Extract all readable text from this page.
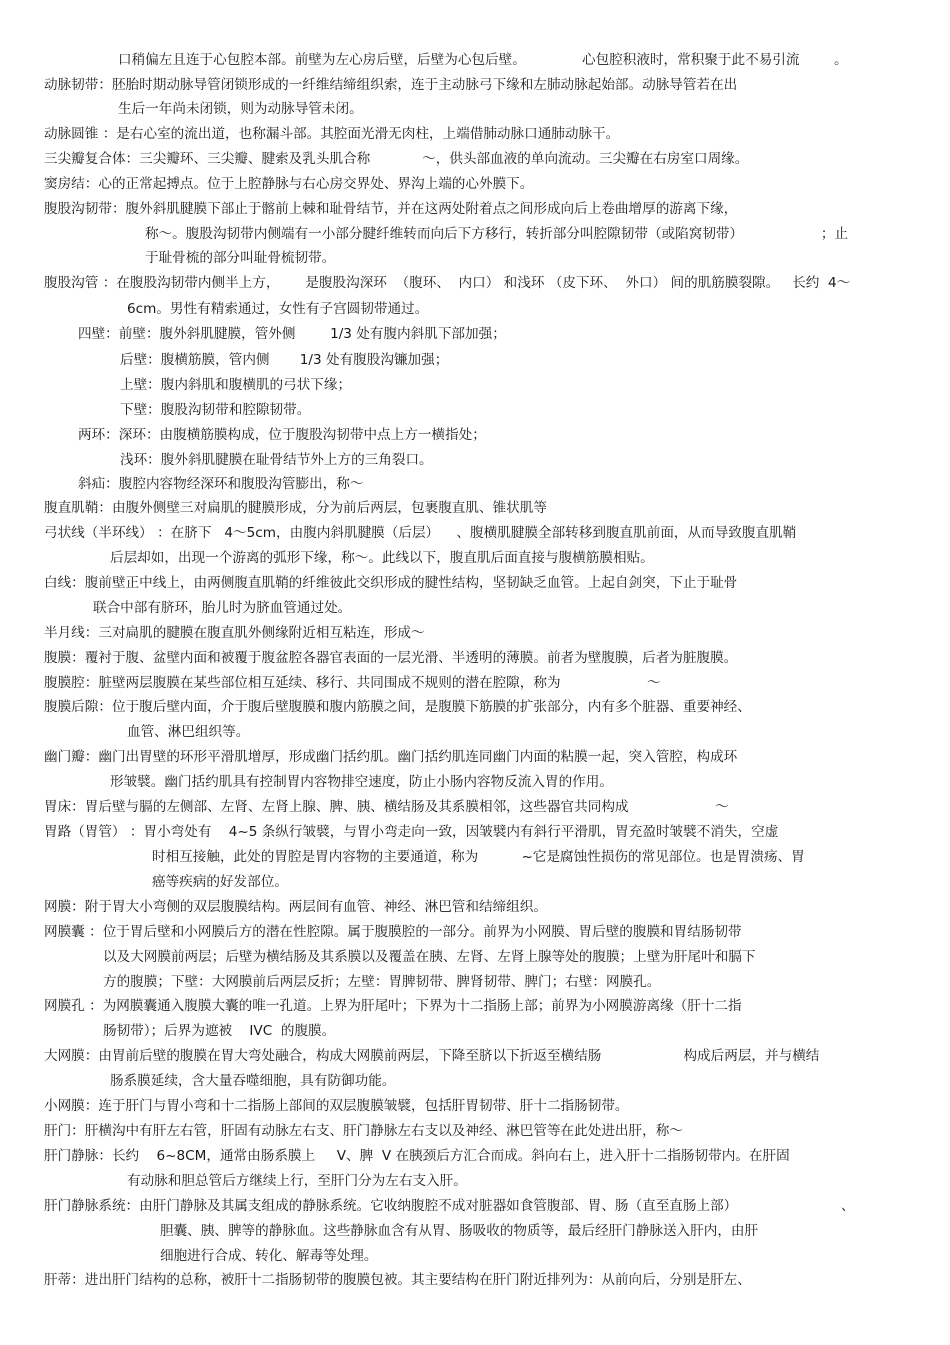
口稍偏左且连于心包腔本部。前壁为左心房后壁，后壁为心包后壁。             心包腔积液时，常积聚于此不易引流        。
动脉韧带：胚胎时期动脉导管闭锁形成的一纤维结缔组织索，连于主动脉弓下缘和左肺动脉起始部。动脉导管若在出
生后一年尚未闭锁，则为动脉导管未闭。
动脉圆锥 ：是右心室的流出道，也称漏斗部。其腔面光滑无肉柱，上端借肺动脉口通肺动脉干。
三尖瓣复合体：三尖瓣环、三尖瓣、腱索及乳头肌合称            ～，供头部血液的单向流动。三尖瓣在右房室口周缘。
窦房结：心的正常起搏点。位于上腔静脉与右心房交界处、界沟上端的心外膜下。
腹股沟韧带：腹外斜肌腱膜下部止于髂前上棘和耻骨结节，并在这两处附着点之间形成向后上卷曲增厚的游离下缘，
称～。腹股沟韧带内侧端有一小部分腱纤维转而向后下方移行，转折部分叫腔隙韧带（或陷窝韧带）                  ；止
于耻骨梳的部分叫耻骨梳韧带。
腹股沟管 ：在腹股沟韧带内侧半上方，      是腹股沟深环  （腹环、  内口） 和浅环 （皮下环、  外口） 间的肌筋膜裂隙。   长约  4～
6cm。男性有精索通过，女性有子宫圆韧带通过。
四壁：前壁：腹外斜肌腱膜，管外侧        1/3 处有腹内斜肌下部加强；
后壁：腹横筋膜，管内侧       1/3 处有腹股沟镰加强；
上壁：腹内斜肌和腹横肌的弓状下缘；
下壁：腹股沟韧带和腔隙韧带。
两环：深环：由腹横筋膜构成，位于腹股沟韧带中点上方一横指处；
浅环：腹外斜肌腱膜在耻骨结节外上方的三角裂口。
斜疝：腹腔内容物经深环和腹股沟管膨出，称～
腹直肌鞘：由腹外侧壁三对扁肌的腱膜形成，分为前后两层，包裹腹直肌、锥状肌等
弓状线（半环线） ：在脐下   4～5cm，由腹内斜肌腱膜（后层）    、腹横肌腱膜全部转移到腹直肌前面，从而导致腹直肌鞘
后层却如，出现一个游离的弧形下缘，称～。此线以下，腹直肌后面直接与腹横筋膜相贴。
白线：腹前壁正中线上，由两侧腹直肌鞘的纤维彼此交织形成的腱性结构，坚韧缺乏血管。上起自剑突，下止于耻骨
联合中部有脐环，胎儿时为脐血管通过处。
半月线：三对扁肌的腱膜在腹直肌外侧缘附近相互粘连，形成～
腹膜：覆衬于腹、盆壁内面和被覆于腹盆腔各器官表面的一层光滑、半透明的薄膜。前者为壁腹膜，后者为脏腹膜。
腹膜腔：脏壁两层腹膜在某些部位相互延续、移行、共同围成不规则的潜在腔隙，称为                    ～
腹膜后隙：位于腹后壁内面，介于腹后壁腹膜和腹内筋膜之间，是腹膜下筋膜的扩张部分，内有多个脏器、重要神经、
血管、淋巴组织等。
幽门瓣：幽门出胃壁的环形平滑肌增厚，形成幽门括约肌。幽门括约肌连同幽门内面的粘膜一起，突入管腔，构成环
形皱襞。幽门括约肌具有控制胃内容物排空速度，防止小肠内容物反流入胃的作用。
胃床：胃后壁与膈的左侧部、左肾、左肾上腺、脾、胰、横结肠及其系膜相邻，这些器官共同构成                    ～
胃路（胃管） ：胃小弯处有    4~5 条纵行皱襞，与胃小弯走向一致，因皱襞内有斜行平滑肌，胃充盈时皱襞不消失，空虚
时相互接触，此处的胃腔是胃内容物的主要通道，称为          ~它是腐蚀性损伤的常见部位。也是胃溃疡、胃
癌等疾病的好发部位。
网膜：附于胃大小弯侧的双层腹膜结构。两层间有血管、神经、淋巴管和结缔组织。
网膜囊 ：位于胃后壁和小网膜后方的潜在性腔隙。属于腹膜腔的一部分。前界为小网膜、胃后壁的腹膜和胃结肠韧带
以及大网膜前两层；后壁为横结肠及其系膜以及覆盖在胰、左肾、左肾上腺等处的腹膜；上壁为肝尾叶和膈下
方的腹膜；下壁：大网膜前后两层反折；左壁：胃脾韧带、脾肾韧带、脾门；右壁：网膜孔。
网膜孔 ：为网膜囊通入腹膜大囊的唯一孔道。上界为肝尾叶；下界为十二指肠上部；前界为小网膜游离缘（肝十二指
肠韧带）；后界为遮被    IVC  的腹膜。
大网膜：由胃前后壁的腹膜在胃大弯处融合，构成大网膜前两层，下降至脐以下折返至横结肠                   构成后两层，并与横结
肠系膜延续，含大量吞噬细胞，具有防御功能。
小网膜：连于肝门与胃小弯和十二指肠上部间的双层腹膜皱襞，包括肝胃韧带、肝十二指肠韧带。
肝门：肝横沟中有肝左右管，肝固有动脉左右支、肝门静脉左右支以及神经、淋巴管等在此处进出肝，称～
肝门静脉：长约    6~8CM，通常由肠系膜上     V、脾  V 在胰颈后方汇合而成。斜向右上，进入肝十二指肠韧带内。在肝固
有动脉和胆总管后方继续上行，至肝门分为左右支入肝。
肝门静脉系统：由肝门静脉及其属支组成的静脉系统。它收纳腹腔不成对脏器如食管腹部、胃、肠（直至直肠上部）                        、
胆囊、胰、脾等的静脉血。这些静脉血含有从胃、肠吸收的物质等，最后经肝门静脉送入肝内，由肝
细胞进行合成、转化、解毒等处理。
肝蒂：进出肝门结构的总称，被肝十二指肠韧带的腹膜包被。其主要结构在肝门附近排列为：从前向后，分别是肝左、
